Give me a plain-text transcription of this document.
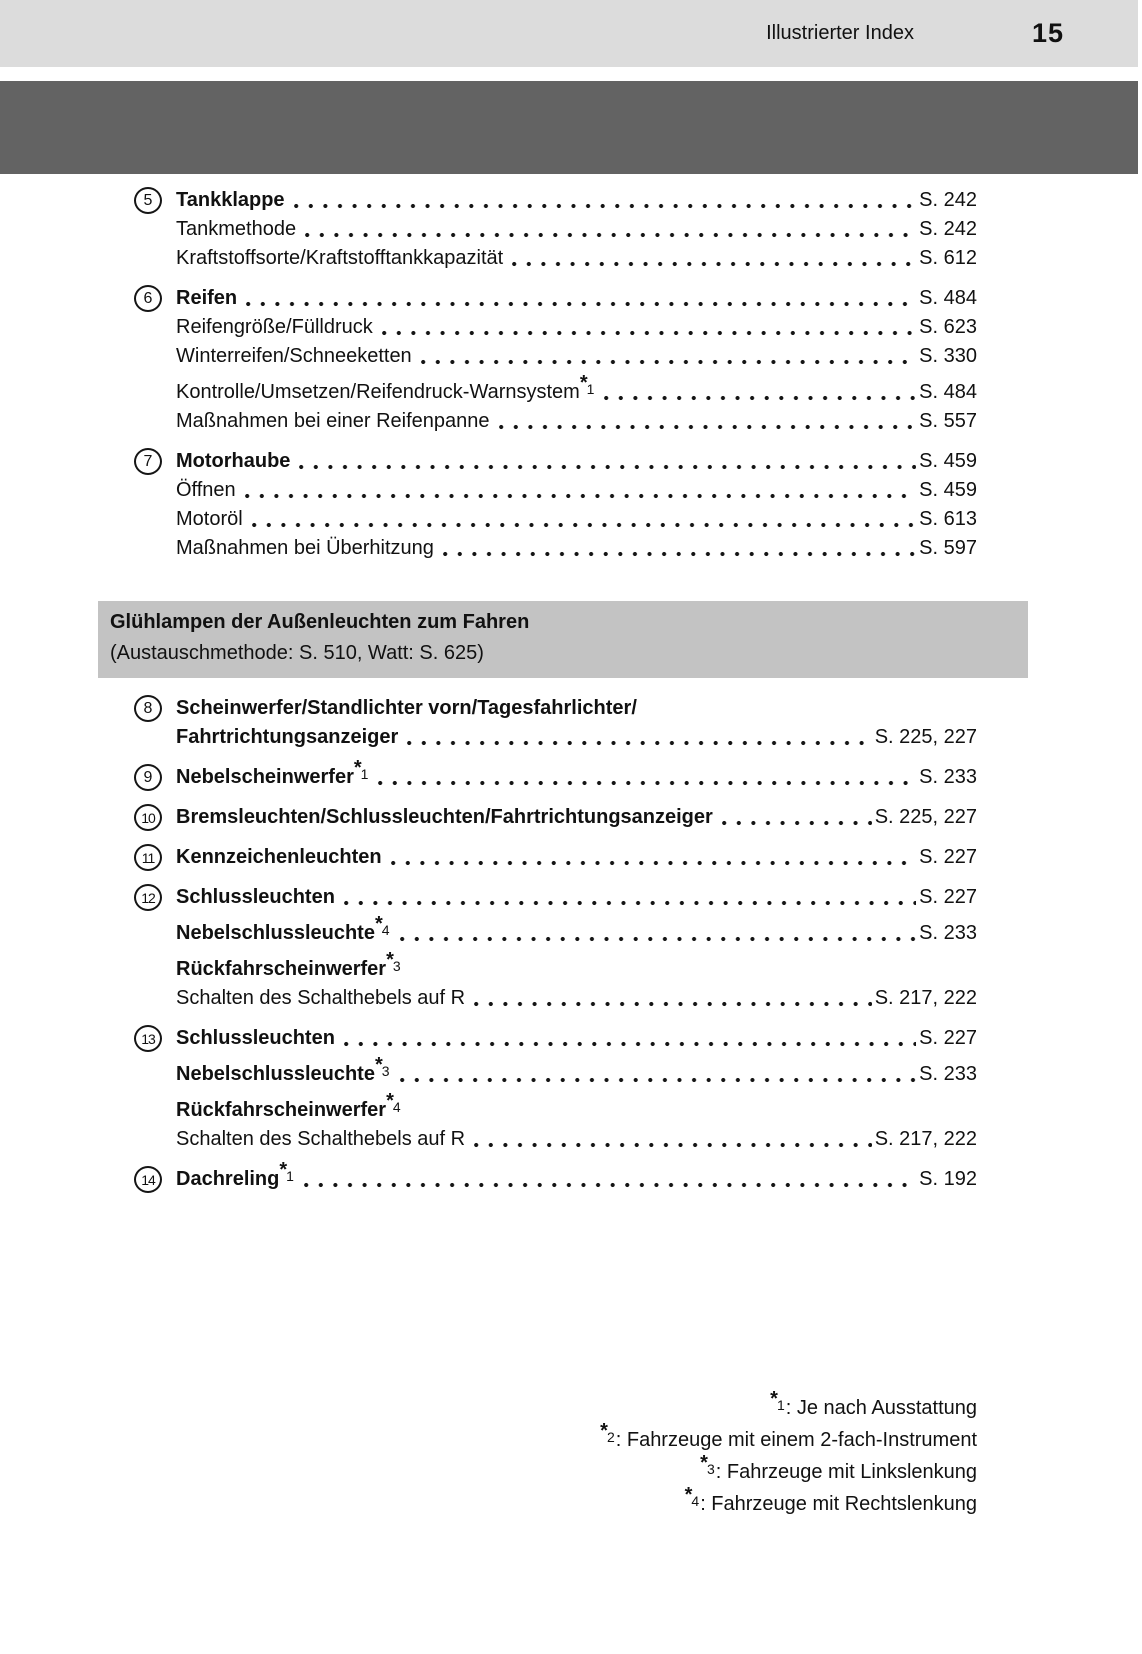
Illustrierter Index	15
5	Tankklappe	S. 242
Tankmethode	S. 242
Kraftstoffsorte/Kraftstofftankkapazität	S. 612
6	Reifen	S. 484
Reifengröße/Fülldruck	S. 623
Winterreifen/Schneeketten	S. 330
Kontrolle/$Umsetzen/Reifendruck-Warnsystem*_1$	S. 484
Maßnahmen bei einer Reifenpanne	S. 557
7	Motorhaube	S. 459
Öffnen	S. 459
Motoröl	S. 613
Maßnahmen bei Überhitzung	S. 597
Glühlampen der Außenleuchten zum Fahren
(Austauschmethode: S. 510, Watt: S. 625)
8	Scheinwerfer/Standlichter vorn/Tagesfahrlichter/
Fahrtrichtungsanzeiger	S. 225, 227
9	$Nebelscheinwerfer*_1$	S. 233
10	Bremsleuchten/Schlussleuchten/Fahrtrichtungsanzeiger	S. 225, 227
11	Kennzeichenleuchten	S. 227
12	Schlussleuchten	S. 227
$Nebelschlussleuchte*_4$	S. 233
$Rückfahrscheinwerfer*_3$
Schalten des Schalthebels auf R	S. 217, 222
13	Schlussleuchten	S. 227
$Nebelschlussleuchte*_3$	S. 233
$Rückfahrscheinwerfer*_4$
Schalten des Schalthebels auf R	S. 217, 222
14	$Dachreling*_1$	S. 192
$*_1$: Je nach Ausstattung
$*_2$: Fahrzeuge mit einem 2-fach-Instrument
$*_3$: Fahrzeuge mit Linkslenkung
$*_4$: Fahrzeuge mit Rechtslenkung
